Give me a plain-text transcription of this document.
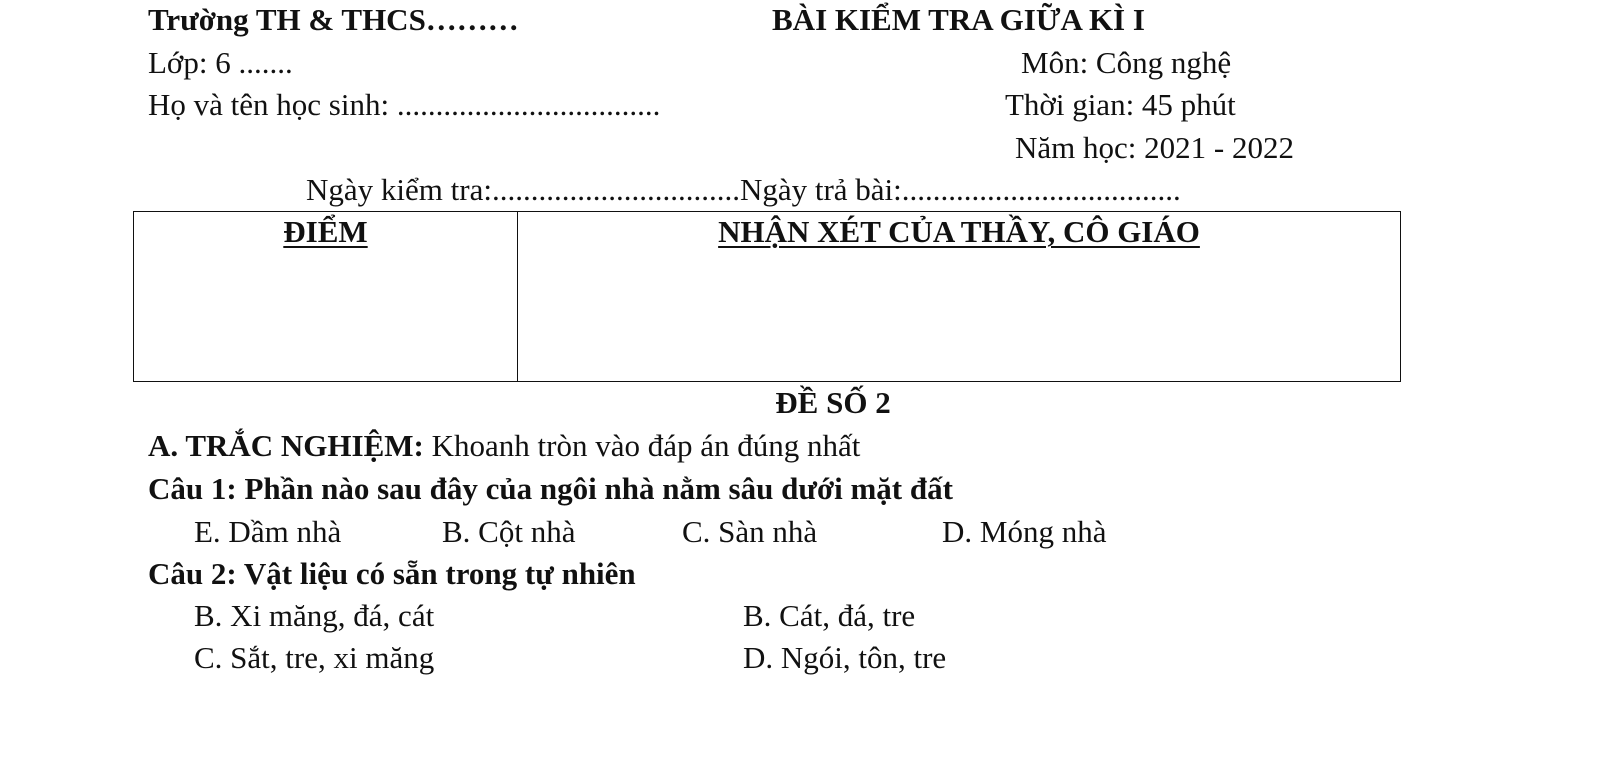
Trường TH & THCS………	BÀI KIỂM TRA GIỮA KÌ I
Lớp: 6 .......	Môn: Công nghệ
Họ và tên học sinh: ..................................	Thời gian: 45 phút
Năm học: 2021 - 2022
Ngày kiểm tra:................................Ngày trả bài:....................................
ĐIỂM	NHẬN XÉT CỦA THẦY, CÔ GIÁO
ĐỀ SỐ 2
A. TRẮC NGHIỆM: Khoanh tròn vào đáp án đúng nhất
Câu 1: Phần nào sau đây của ngôi nhà nằm sâu dưới mặt đất
E. Dầm nhà	B. Cột nhà	C. Sàn nhà	D. Móng nhà
Câu 2: Vật liệu có sẵn trong tự nhiên
B. Xi măng, đá, cát	B. Cát, đá, tre
C. Sắt, tre, xi măng	D. Ngói, tôn, tre
